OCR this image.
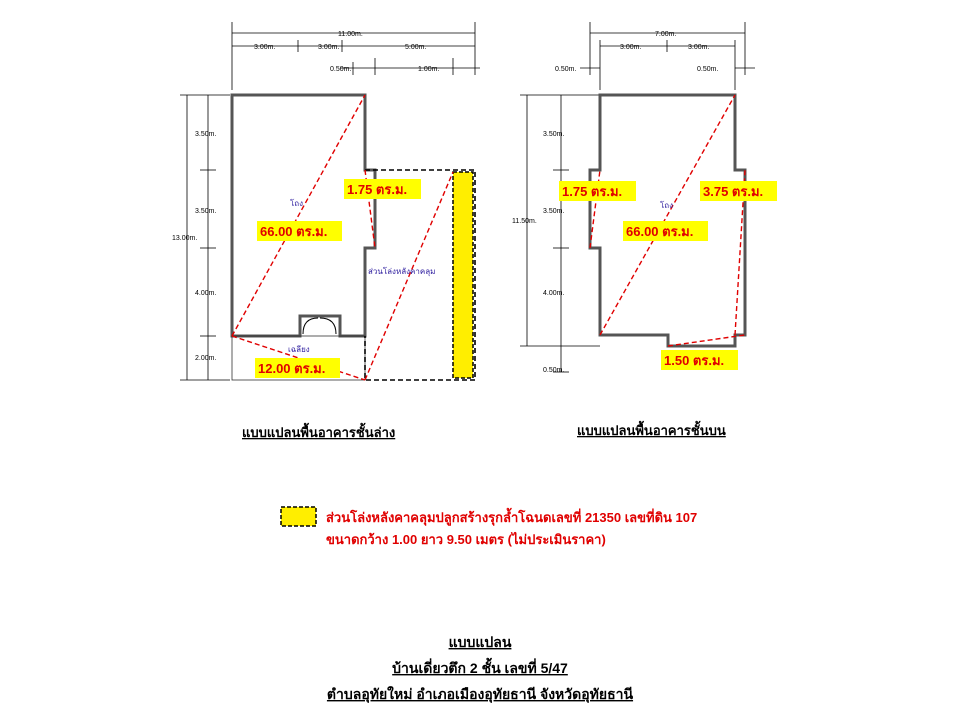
11.00m.
3.00m.	3.00m.	5.00m.
0.50m.	1.00m.
3.50m.
3.50m.
13.00m.
4.00m.
2.00m.
โถง
เฉลียง
ส่วนโล่งหลังคาคลุม
66.00 ตร.ม.
1.75 ตร.ม.
12.00 ตร.ม.
แบบแปลนพื้นอาคารชั้นล่าง
7.00m.
3.00m.	3.00m.
0.50m.	0.50m.
3.50m.
3.50m.
11.50m.
4.00m.
0.50m.
โถง
1.75 ตร.ม.	3.75 ตร.ม.
66.00 ตร.ม.
1.50 ตร.ม.
แบบแปลนพื้นอาคารชั้นบน
ส่วนโล่งหลังคาคลุมปลูกสร้างรุกล้ำโฉนดเลขที่ 21350 เลขที่ดิน 107
ขนาดกว้าง 1.00 ยาว 9.50 เมตร (ไม่ประเมินราคา)
แบบแปลน
บ้านเดี่ยวตึก 2 ชั้น เลขที่ 5/47
ตำบลอุทัยใหม่ อำเภอเมืองอุทัยธานี จังหวัดอุทัยธานี
